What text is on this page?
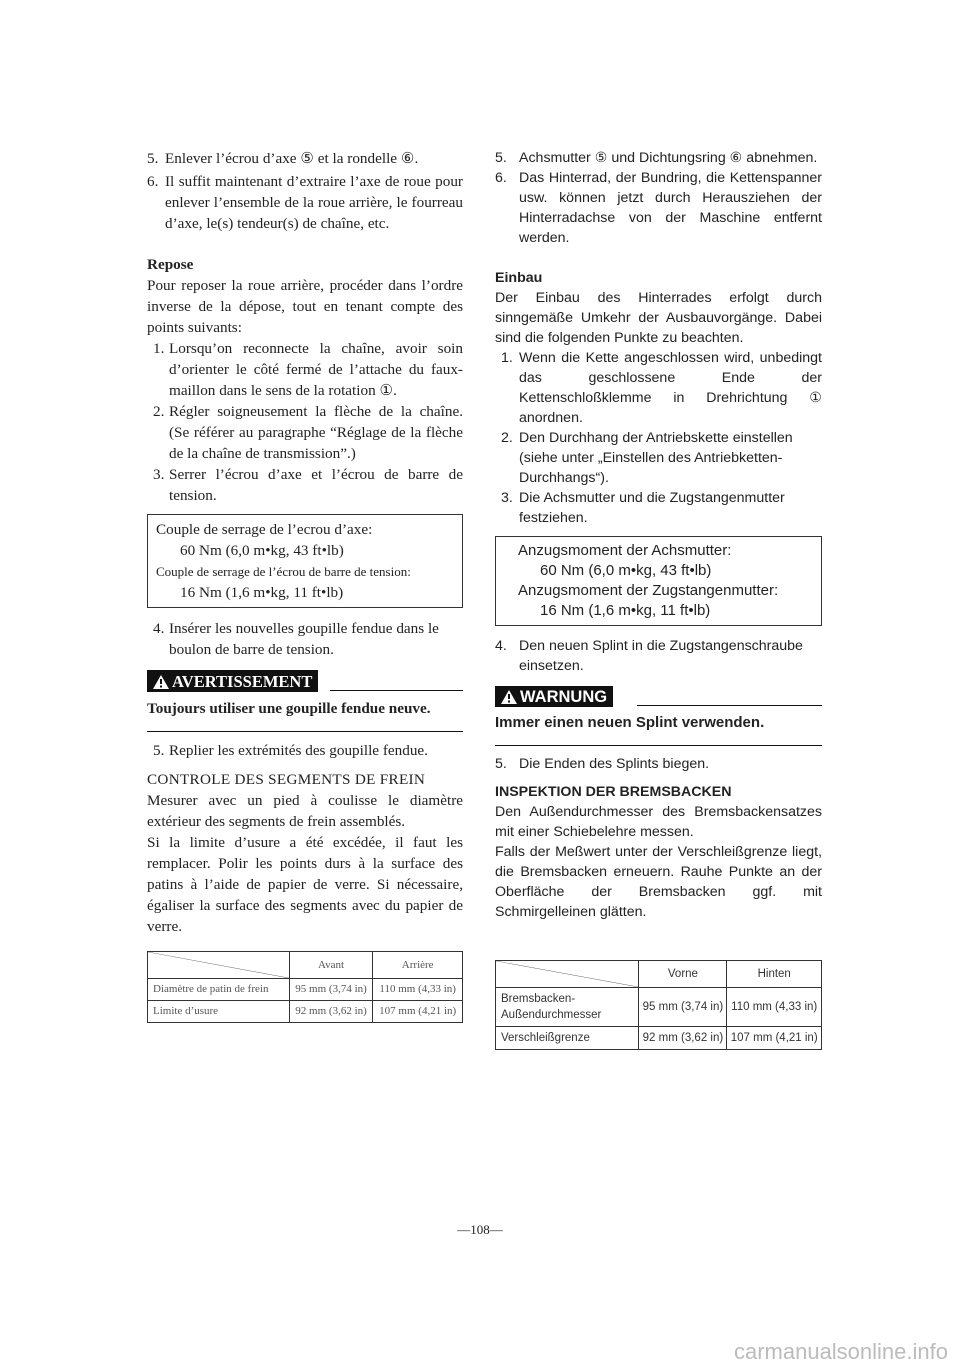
5. Enlever l’écrou d’axe ⑤ et la rondelle ⑥.
6. Il suffit maintenant d’extraire l’axe de roue pour enlever l’ensemble de la roue arrière, le fourreau d’axe, le(s) tendeur(s) de chaîne, etc.

Repose

Pour reposer la roue arrière, procéder dans l’ordre inverse de la dépose, tout en tenant compte des points suivants:

1. Lorsqu’on reconnecte la chaîne, avoir soin d’orienter le côté fermé de l’attache du faux-maillon dans le sens de la rotation ①.
2. Régler soigneusement la flèche de la chaîne. (Se référer au paragraphe “Réglage de la flèche de la chaîne de transmission”.)
3. Serrer l’écrou d’axe et l’écrou de barre de tension.
Couple de serrage de l’ecrou d’axe:
60 Nm (6,0 m•kg, 43 ft•lb)
Couple de serrage de l’écrou de barre de tension:
16 Nm (1,6 m•kg, 11 ft•lb)
4. Insérer les nouvelles goupille fendue dans le boulon de barre de tension.
AVERTISSEMENT

Toujours utiliser une goupille fendue neuve.

5. Replier les extrémités des goupille fendue.

CONTROLE DES SEGMENTS DE FREIN

Mesurer avec un pied à coulisse le diamètre extérieur des segments de frein assemblés.

Si la limite d’usure a été excédée, il faut les remplacer. Polir les points durs à la surface des patins à l’aide de papier de verre. Si nécessaire, égaliser la surface des segments avec du papier de verre.

	Avant	Arrière
Diamètre de patin de frein	95 mm (3,74 in)	110 mm (4,33 in)
Limite d’usure	92 mm (3,62 in)	107 mm (4,21 in)
5. Achsmutter ⑤ und Dichtungsring ⑥ abnehmen.
6. Das Hinterrad, der Bundring, die Kettenspanner usw. können jetzt durch Herausziehen der Hinterradachse von der Maschine entfernt werden.

Einbau

Der Einbau des Hinterrades erfolgt durch sinngemäße Umkehr der Ausbauvorgänge. Dabei sind die folgenden Punkte zu beachten.

1. Wenn die Kette angeschlossen wird, unbedingt das geschlossene Ende der Kettenschloßklemme in Drehrichtung ① anordnen.
2. Den Durchhang der Antriebskette einstellen (siehe unter „Einstellen des Antriebketten-Durchhangs“).
3. Die Achsmutter und die Zugstangenmutter festziehen.
Anzugsmoment der Achsmutter:
60 Nm (6,0 m•kg, 43 ft•lb)
Anzugsmoment der Zugstangenmutter:
16 Nm (1,6 m•kg, 11 ft•lb)
4. Den neuen Splint in die Zugstangenschraube einsetzen.
WARNUNG

Immer einen neuen Splint verwenden.

5. Die Enden des Splints biegen.

INSPEKTION DER BREMSBACKEN

Den Außendurchmesser des Bremsbackensatzes mit einer Schiebelehre messen.

Falls der Meßwert unter der Verschleißgrenze liegt, die Bremsbacken erneuern. Rauhe Punkte an der Oberfläche der Bremsbacken ggf. mit Schmirgelleinen glätten.

	Vorne	Hinten
Bremsbacken-Außendurchmesser	95 mm (3,74 in)	110 mm (4,33 in)
Verschleißgrenze	92 mm (3,62 in)	107 mm (4,21 in)
—108—
carmanualsonline.info
